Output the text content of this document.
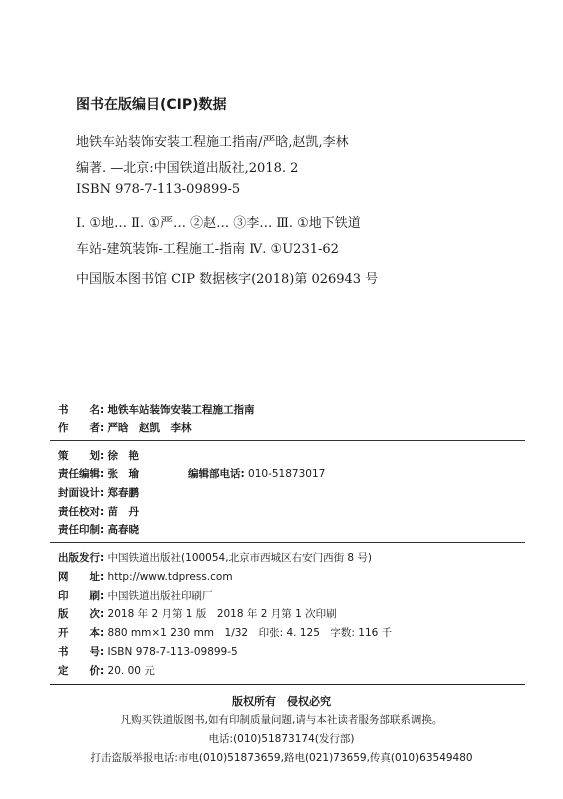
图书在版编目(CIP)数据
地铁车站装饰安装工程施工指南/严晗,赵凯,李林
编著. —北京:中国铁道出版社,2018. 2
ISBN 978-7-113-09899-5
Ⅰ. ①地… Ⅱ. ①严… ②赵… ③李… Ⅲ. ①地下铁道
车站-建筑装饰-工程施工-指南 Ⅳ. ①U231-62
中国版本图书馆 CIP 数据核字(2018)第 026943 号
书　　名: 地铁车站装饰安装工程施工指南
作　　者: 严晗　赵凯　李林
策　　划: 徐　艳
责任编辑: 张　瑜	编辑部电话: 010-51873017
封面设计: 郑春鹏
责任校对: 苗　丹
责任印制: 高春晓
出版发行: 中国铁道出版社(100054,北京市西城区右安门西街 8 号)
网　　址: http://www.tdpress.com
印　　刷: 中国铁道出版社印刷厂
版　　次: 2018 年 2 月第 1 版　2018 年 2 月第 1 次印刷
开　　本: 880 mm×1 230 mm　1/32　印张: 4. 125　字数: 116 千
书　　号: ISBN 978-7-113-09899-5
定　　价: 20. 00 元
版权所有　侵权必究
凡购买铁道版图书,如有印制质量问题,请与本社读者服务部联系调换。
电话:(010)51873174(发行部)
打击盗版举报电话:市电(010)51873659,路电(021)73659,传真(010)63549480
